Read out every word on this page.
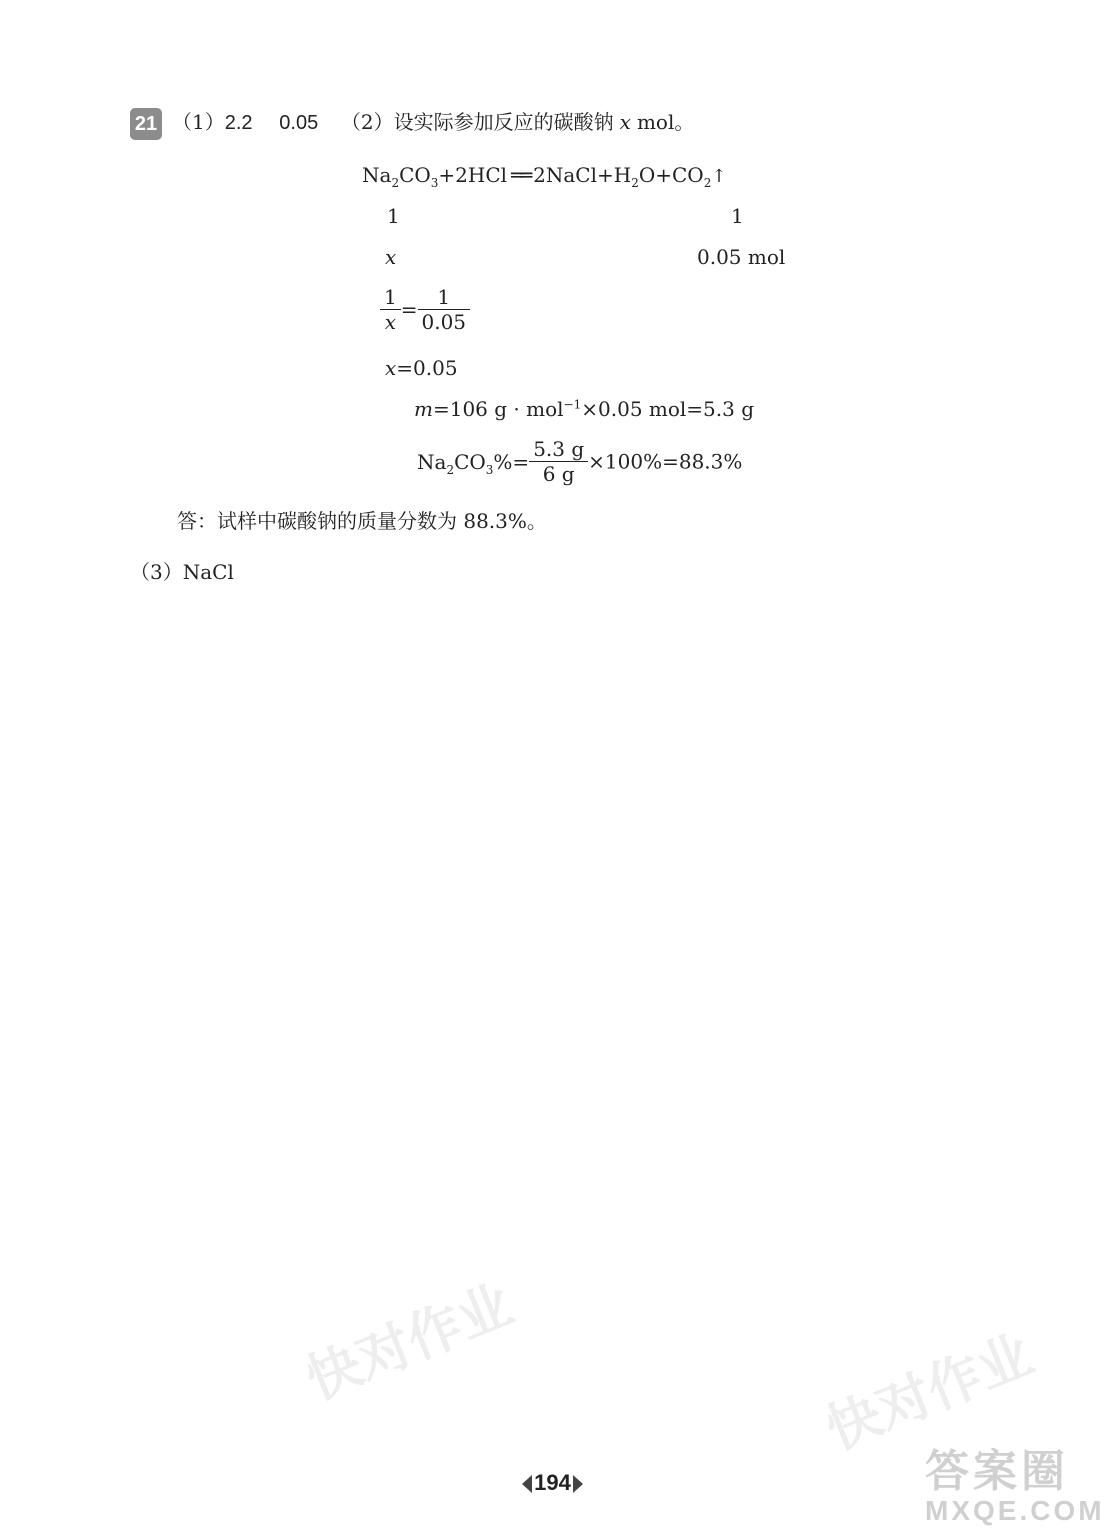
快对作业	快对作业
21 （1）2.2 0.05 （2）设实际参加反应的碳酸钠 x mol。
$Na_2CO_3+2HCl$ ══ $2NaCl+H_2O+CO_2↑$
1	1
x	0.05 mol
$\frac{1}{x} = \frac{1}{0.05}$
x=0.05
m=106 g · mol$^{-1}$×0.05 mol=5.3 g
$Na_2CO_3\%= \frac{5.3 g}{6 g} \times 100\%=88.3\%$
答：试样中碳酸钠的质量分数为 88.3%。
（3）NaCl
194	答案圈
MXQE.COM
